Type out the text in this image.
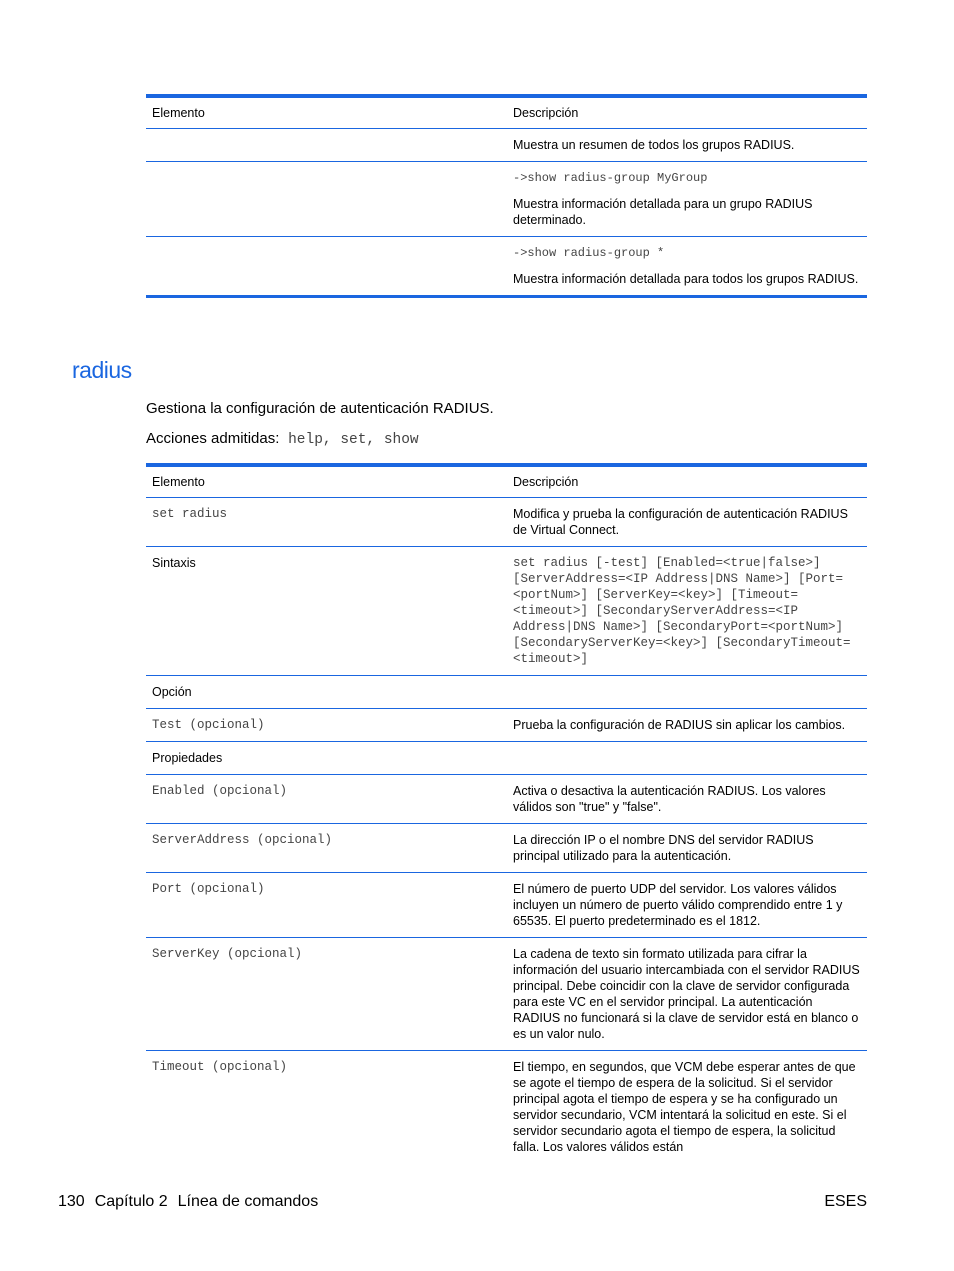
Elemento	Descripción

	Muestra un resumen de todos los grupos RADIUS.

	->show radius-group MyGroup

Muestra información detallada para un grupo RADIUS determinado.

	->show radius-group *

Muestra información detallada para todos los grupos RADIUS.

radius

Gestiona la configuración de autenticación RADIUS.

Acciones admitidas: help, set, show

Elemento	Descripción
set radius	Modifica y prueba la configuración de autenticación RADIUS de Virtual Connect.
Sintaxis	set radius [-test] [Enabled=<true|false>] [ServerAddress=<IP Address|DNS Name>] [Port=<portNum>] [ServerKey=<key>] [Timeout=<timeout>] [SecondaryServerAddress=<IP Address|DNS Name>] [SecondaryPort=<portNum>] [SecondaryServerKey=<key>] [SecondaryTimeout=<timeout>]
Opción	
Test (opcional)	Prueba la configuración de RADIUS sin aplicar los cambios.
Propiedades	
Enabled (opcional)	Activa o desactiva la autenticación RADIUS. Los valores válidos son "true" y "false".
ServerAddress (opcional)	La dirección IP o el nombre DNS del servidor RADIUS principal utilizado para la autenticación.
Port (opcional)	El número de puerto UDP del servidor. Los valores válidos incluyen un número de puerto válido comprendido entre 1 y 65535. El puerto predeterminado es el 1812.
ServerKey (opcional)	La cadena de texto sin formato utilizada para cifrar la información del usuario intercambiada con el servidor RADIUS principal. Debe coincidir con la clave de servidor configurada para este VC en el servidor principal. La autenticación RADIUS no funcionará si la clave de servidor está en blanco o es un valor nulo.
Timeout (opcional)	El tiempo, en segundos, que VCM debe esperar antes de que se agote el tiempo de espera de la solicitud. Si el servidor principal agota el tiempo de espera y se ha configurado un servidor secundario, VCM intentará la solicitud en este. Si el servidor secundario agota el tiempo de espera, la solicitud falla. Los valores válidos están
130 Capítulo 2 Línea de comandos	ESES
